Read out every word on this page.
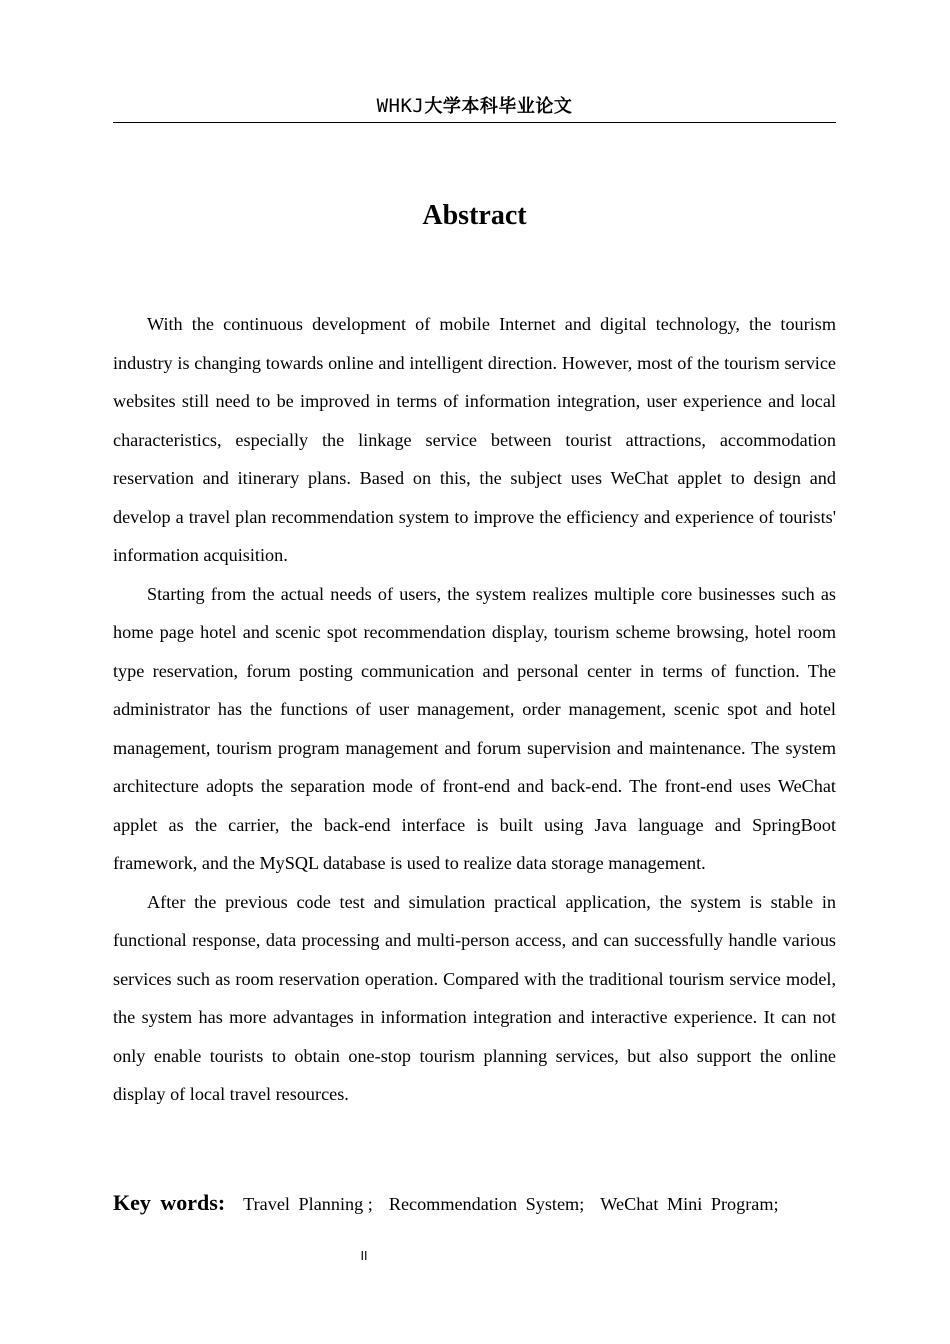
WHKJ大学本科毕业论文
Abstract

With the continuous development of mobile Internet and digital technology, the tourism industry is changing towards online and intelligent direction. However, most of the tourism service websites still need to be improved in terms of information integration, user experience and local characteristics, especially the linkage service between tourist attractions, accommodation reservation and itinerary plans. Based on this, the subject uses WeChat applet to design and develop a travel plan recommendation system to improve the efficiency and experience of tourists' information acquisition.

Starting from the actual needs of users, the system realizes multiple core businesses such as home page hotel and scenic spot recommendation display, tourism scheme browsing, hotel room type reservation, forum posting communication and personal center in terms of function. The administrator has the functions of user management, order management, scenic spot and hotel management, tourism program management and forum supervision and maintenance. The system architecture adopts the separation mode of front-end and back-end. The front-end uses WeChat applet as the carrier, the back-end interface is built using Java language and SpringBoot framework, and the MySQL database is used to realize data storage management.

After the previous code test and simulation practical application, the system is stable in functional response, data processing and multi-person access, and can successfully handle various services such as room reservation operation. Compared with the traditional tourism service model, the system has more advantages in information integration and interactive experience. It can not only enable tourists to obtain one-stop tourism planning services, but also support the online display of local travel resources.

Key words: Travel Planning ; Recommendation System; WeChat Mini Program;
II
